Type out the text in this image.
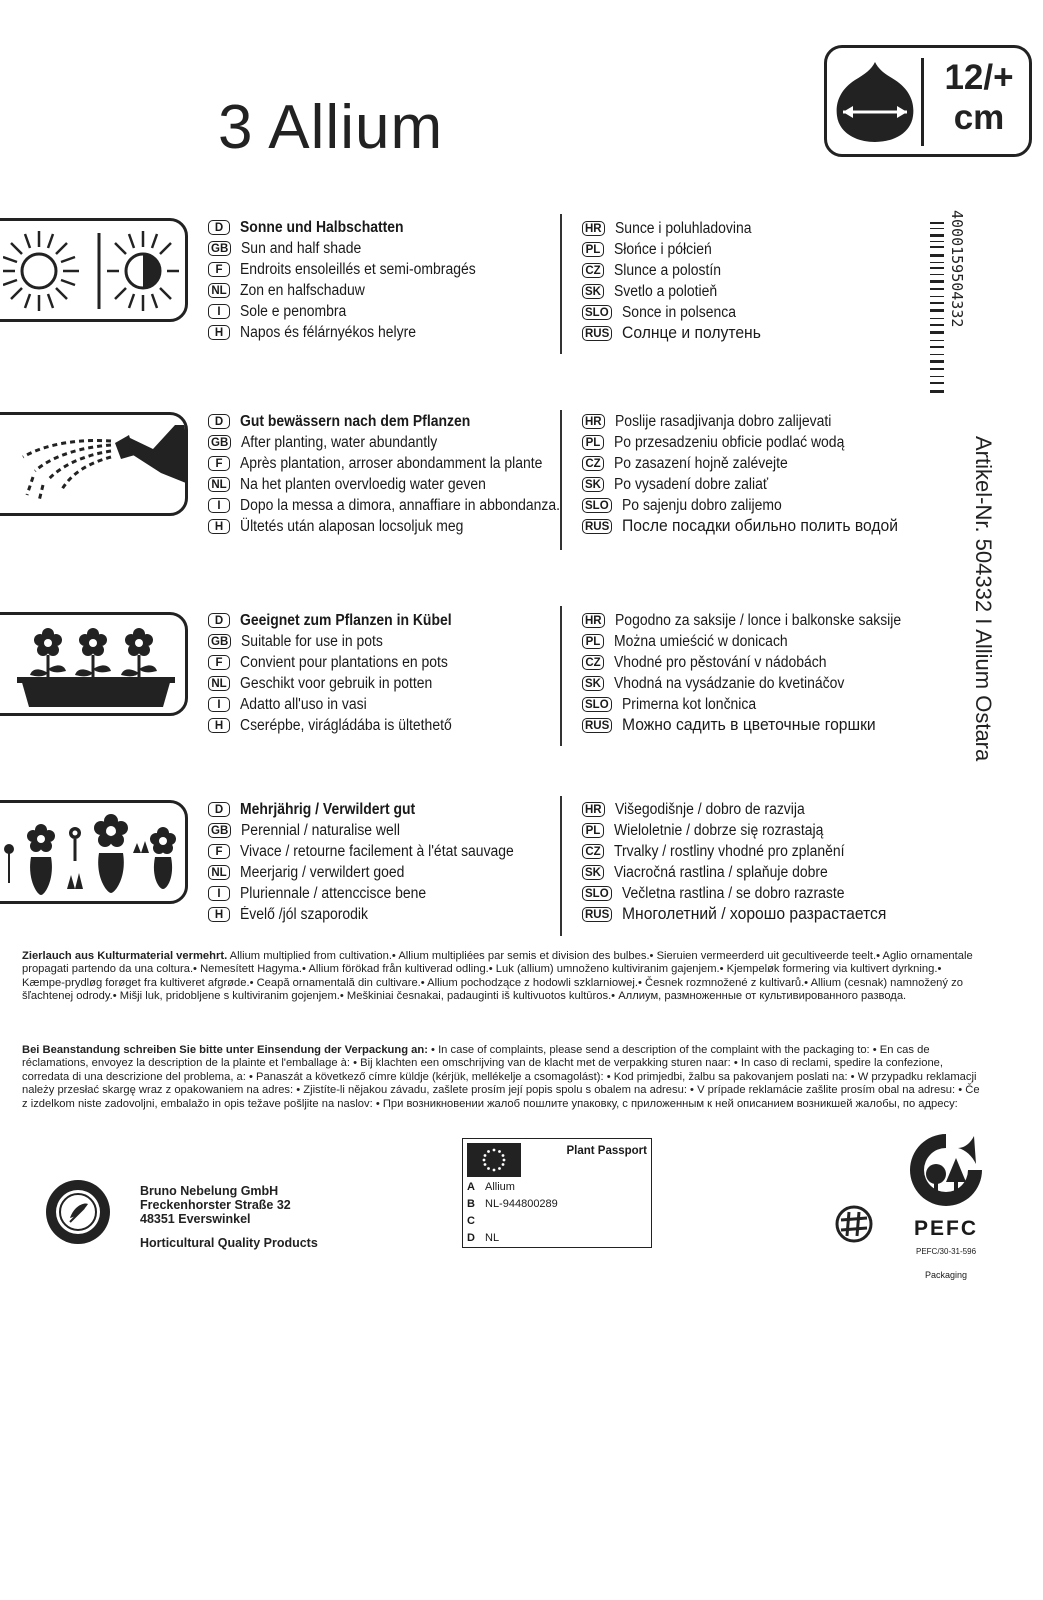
3 Allium
12/+
cm
4000159504332
Artikel-Nr. 504332 I Allium Ostara
D	Sonne und Halbschatten
GB Sun and half shade
F	Endroits ensoleillés et semi-ombragés
NL Zon en halfschaduw
I	Sole e penombra
H	Napos és félárnyékos helyre
D	Gut bewässern nach dem Pflanzen
GB After planting, water abundantly
F	Après plantation, arroser abondamment la plante
NL Na het planten overvloedig water geven
I	Dopo la messa a dimora, annaffiare in abbondanza.
H	Ültetés után alaposan locsoljuk meg
D	Geeignet zum Pflanzen in Kübel
GB Suitable for use in pots
F	Convient pour plantations en pots
NL Geschikt voor gebruik in potten
I	Adatto all'uso in vasi
H	Cserépbe, virágládába is ültethető
D	Mehrjährig / Verwildert gut
GB Perennial / naturalise well
F	Vivace / retourne facilement à l'état sauvage
NL Meerjarig / verwildert goed
I	Pluriennale / attenccisce bene
H	Évelő /jól szaporodik
HR Sunce i poluhladovina
PL Słońce i półcień
CZ Slunce a polostín
SK Svetlo a polotieň
SLO Sonce in polsenca
RUS Солнце и полутень
HR Poslije rasadjivanja dobro zalijevati
PL Po przesadzeniu obficie podlać wodą
CZ Po zasazení hojně zalévejte
SK Po vysadení dobre zaliať
SLO Po sajenju dobro zalijemo
RUS После посадки обильно полить водой
HR Pogodno za saksije / lonce i balkonske saksije
PL Można umieścić w donicach
CZ Vhodné pro pěstování v nádobách
SK Vhodná na vysádzanie do kvetináčov
SLO Primerna kot lončnica
RUS Можно садить в цветочные горшки
HR Višegodišnje / dobro de razvija
PL Wieloletnie / dobrze się rozrastają
CZ Trvalky / rostliny vhodné pro zplanění
SK Viacročná rastlina / splaňuje dobre
SLO Večletna rastlina / se dobro razraste
RUS Многолетний / хорошо разрастается
Zierlauch aus Kulturmaterial vermehrt. Allium multiplied from cultivation.• Allium multipliées par semis et division des bulbes.• Sieruien vermeerderd uit gecultiveerde teelt.• Aglio ornamentale propagati partendo da una coltura.• Nemesített Hagyma.• Allium förökad från kultiverad odling.• Luk (allium) umnoženo kultiviranim gajenjem.• Kjempeløk formering via kultivert dyrkning.• Kæmpe-prydløg forøget fra kultiveret afgrøde.• Ceapă ornamentală din cultivare.• Allium pochodzące z hodowli szklarniowej.• Česnek rozmnožené z kultivarů.• Allium (cesnak) namnožený zo šľachtenej odrody.• Mišji luk, pridobljene s kultiviranim gojenjem.• Meškiniai česnakai, padauginti iš kultivuotos kultūros.• Аллиум, размноженные от культивированного развода.
Bei Beanstandung schreiben Sie bitte unter Einsendung der Verpackung an: • In case of complaints, please send a description of the complaint with the packaging to: • En cas de réclamations, envoyez la description de la plainte et l'emballage à: • Bij klachten een omschrijving van de klacht met de verpakking sturen naar: • In caso di reclami, spedire la confezione, corredata di una descrizione del problema, a: • Panaszát a következő címre küldje (kérjük, mellékelje a csomagolást): • Kod primjedbi, žalbu sa pakovanjem poslati na: • W przypadku reklamacji należy przesłać skargę wraz z opakowaniem na adres: • Zjistíte-li nějakou závadu, zašlete prosím její popis spolu s obalem na adresu: • V prípade reklamácie zašlite prosím obal na adresu: • Če z izdelkom niste zadovoljni, embalažo in opis težave pošljite na naslov: • При возникновении жалоб пошлите упаковку, с приложенным к ней описанием возникшей жалобы, по адресу:
Bruno Nebelung GmbH
Freckenhorster Straße 32
48351 Everswinkel
Horticultural Quality Products
Plant Passport
A Allium
B NL-944800289
C
D NL	PEFC
PEFC/30-31-596
Packaging
